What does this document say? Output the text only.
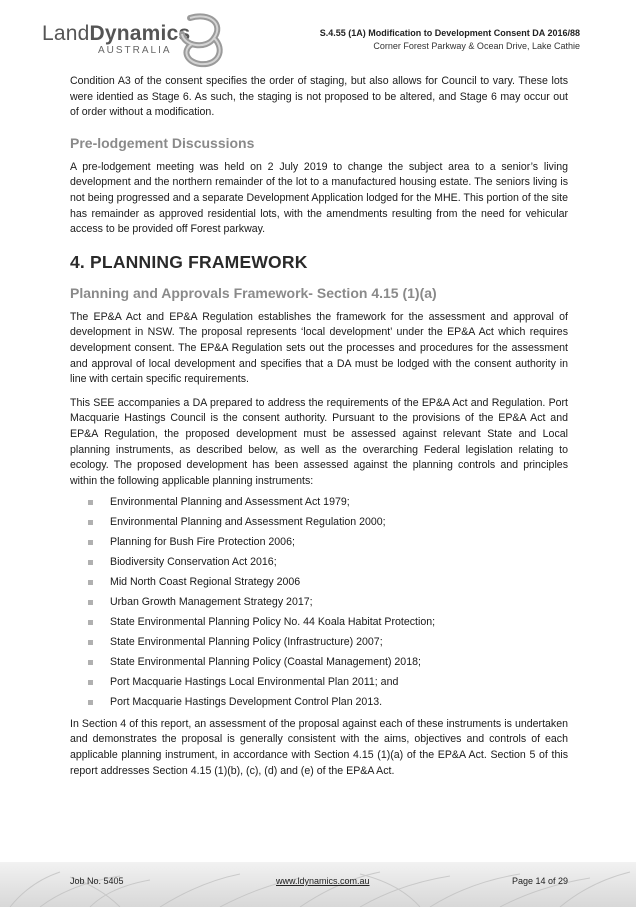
LandDynamics
AUSTRALIA
S.4.55 (1A) Modification to Development Consent DA 2016/88
Corner Forest Parkway & Ocean Drive, Lake Cathie

Condition A3 of the consent specifies the order of staging, but also allows for Council to vary. These lots were identied as Stage 6. As such, the staging is not proposed to be altered, and Stage 6 may occur out of order without a modification.

Pre-lodgement Discussions

A pre-lodgement meeting was held on 2 July 2019 to change the subject area to a senior’s living development and the northern remainder of the lot to a manufactured housing estate. The seniors living is not being progressed and a separate Development Application lodged for the MHE. This portion of the site has remainder as approved residential lots, with the amendments resulting from the need for vehicular access to be provided off Forest parkway.

4. PLANNING FRAMEWORK
Planning and Approvals Framework- Section 4.15 (1)(a)

The EP&A Act and EP&A Regulation establishes the framework for the assessment and approval of development in NSW. The proposal represents ‘local development’ under the EP&A Act which requires development consent. The EP&A Regulation sets out the processes and procedures for the assessment and approval of local development and specifies that a DA must be lodged with the consent authority in line with certain specific requirements.

This SEE accompanies a DA prepared to address the requirements of the EP&A Act and Regulation. Port Macquarie Hastings Council is the consent authority. Pursuant to the provisions of the EP&A Act and EP&A Regulation, the proposed development must be assessed against relevant State and Local planning instruments, as described below, as well as the overarching Federal legislation relating to ecology. The proposed development has been assessed against the planning controls and principles within the following applicable planning instruments:

Environmental Planning and Assessment Act 1979;
Environmental Planning and Assessment Regulation 2000;
Planning for Bush Fire Protection 2006;
Biodiversity Conservation Act 2016;
Mid North Coast Regional Strategy 2006
Urban Growth Management Strategy 2017;
State Environmental Planning Policy No. 44 Koala Habitat Protection;
State Environmental Planning Policy (Infrastructure) 2007;
State Environmental Planning Policy (Coastal Management) 2018;
Port Macquarie Hastings Local Environmental Plan 2011; and
Port Macquarie Hastings Development Control Plan 2013.

In Section 4 of this report, an assessment of the proposal against each of these instruments is undertaken and demonstrates the proposal is generally consistent with the aims, objectives and controls of each applicable planning instrument, in accordance with Section 4.15 (1)(a) of the EP&A Act. Section 5 of this report addresses Section 4.15 (1)(b), (c), (d) and (e) of the EP&A Act.

Job No. 5405	www.ldynamics.com.au	Page 14 of 29
